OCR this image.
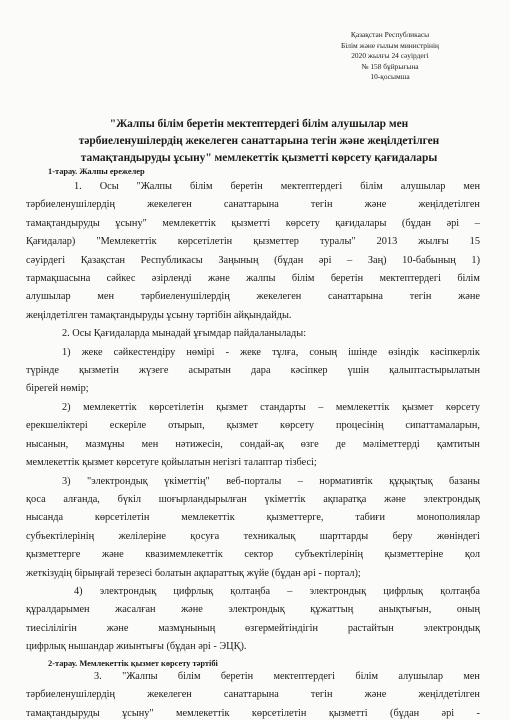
Қазақстан Республикасы
Білім және ғылым министрінің
2020 жылғы 24 сәуірдегі
№ 158 бұйрығына
10-қосымша
"Жалпы білім беретін мектептердегі білім алушылар мен
тәрбиеленушілердің жекелеген санаттарына тегін және жеңілдетілген
тамақтандыруды ұсыну" мемлекеттік қызметті көрсету қағидалары
1-тарау. Жалпы ережелер
1. Осы "Жалпы білім беретін мектептердегі білім алушылар мен
тәрбиеленушілердің	жекелеген	санаттарына	тегін	және	жеңілдетілген
тамақтандыруды ұсыну" мемлекеттік қызметті көрсету қағидалары (бұдан әрі –
Қағидалар) "Мемлекеттік көрсетілетін қызметтер туралы" 2013 жылғы 15
сәуірдегі Қазақстан Республикасы Заңының (бұдан әрі – Заң) 10-бабының 1)
тармақшасына сәйкес әзірленді және жалпы білім беретін мектептердегі білім
алушылар	мен	тәрбиеленушілердің	жекелеген	санаттарына	тегін	және
жеңілдетілген тамақтандыруды ұсыну тәртібін айқындайды.
2. Осы Қағидаларда мынадай ұғымдар пайдаланылады:
1) жеке сәйкестендіру нөмірі - жеке тұлға, соның ішінде өзіндік кәсіпкерлік
түрінде қызметін жүзеге асыратын дара кәсіпкер үшін қалыптастырылатын
бірегей нөмір;
2) мемлекеттік көрсетілетін қызмет стандарты – мемлекеттік қызмет көрсету
ерекшеліктері ескеріле отырып, қызмет көрсету процесінің сипаттамаларын,
нысанын, мазмұны мен нәтижесін, сондай-ақ өзге де мәліметтерді қамтитын
мемлекеттік қызмет көрсетуге қойылатын негізгі талаптар тізбесі;
3) "электрондық үкіметтің" веб-порталы – нормативтік құқықтық базаны
қоса алғанда, бүкіл шоғырландырылған үкіметтік ақпаратқа және электрондық
нысанда	көрсетілетін	мемлекеттік	қызметтерге,	табиғи	монополиялар
субъектілерінің желілеріне қосуға техникалық шарттарды беру жөніндегі
қызметтерге және квазимемлекеттік сектор субъектілерінің қызметтеріне қол
жеткізудің бірыңғай терезесі болатын ақпараттық жүйе (бұдан әрі - портал);
4) электрондық цифрлық қолтаңба – электрондық цифрлық қолтаңба
құралдарымен жасалған және электрондық құжаттың анықтығын, оның
тиесілілігін	және	мазмұнының	өзгермейтіндігін	растайтын	электрондық
цифрлық нышандар жиынтығы (бұдан әрі - ЭЦҚ).
2-тарау. Мемлекеттік қызмет көрсету тәртібі
3. "Жалпы білім беретін мектептердегі білім алушылар мен
тәрбиеленушілердің	жекелеген	санаттарына	тегін	және	жеңілдетілген
тамақтандыруды ұсыну" мемлекеттік көрсетілетін қызметті (бұдан әрі -
